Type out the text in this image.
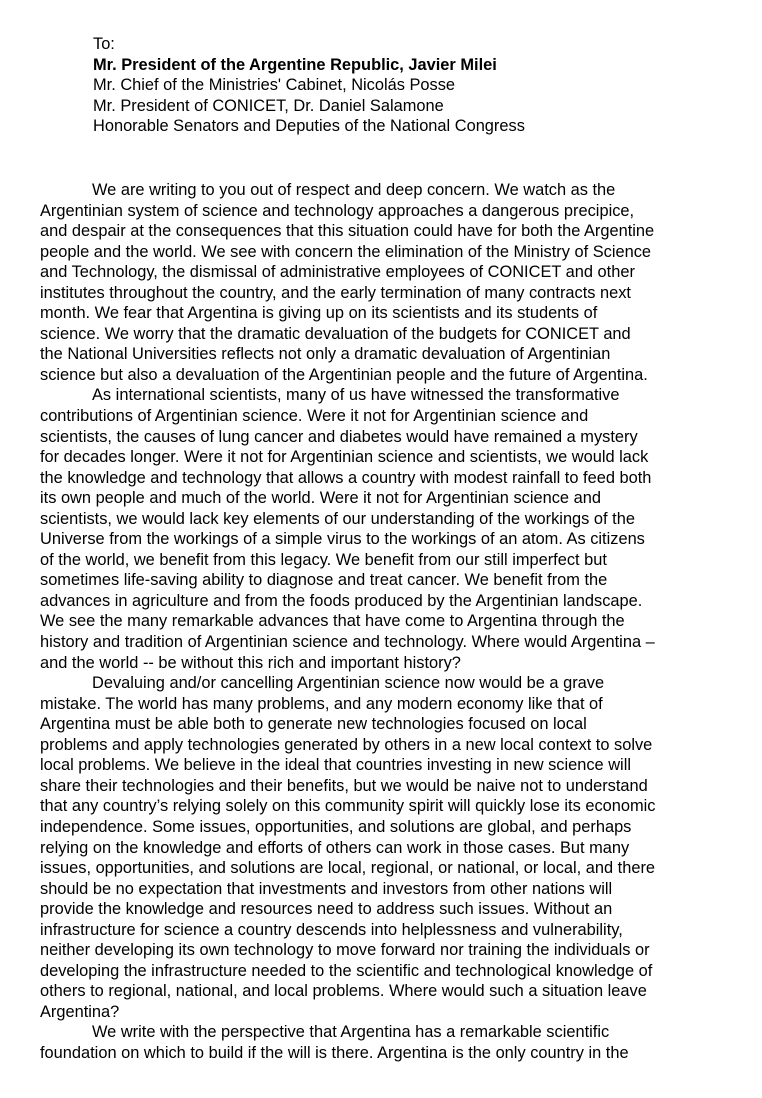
To:
Mr. President of the Argentine Republic, Javier Milei
Mr. Chief of the Ministries' Cabinet, Nicolás Posse
Mr. President of CONICET, Dr. Daniel Salamone
Honorable Senators and Deputies of the National Congress
We are writing to you out of respect and deep concern. We watch as the
Argentinian system of science and technology approaches a dangerous precipice,
and despair at the consequences that this situation could have for both the Argentine
people and the world. We see with concern the elimination of the Ministry of Science
and Technology, the dismissal of administrative employees of CONICET and other
institutes throughout the country, and the early termination of many contracts next
month. We fear that Argentina is giving up on its scientists and its students of
science. We worry that the dramatic devaluation of the budgets for CONICET and
the National Universities reflects not only a dramatic devaluation of Argentinian
science but also a devaluation of the Argentinian people and the future of Argentina.
As international scientists, many of us have witnessed the transformative
contributions of Argentinian science. Were it not for Argentinian science and
scientists, the causes of lung cancer and diabetes would have remained a mystery
for decades longer. Were it not for Argentinian science and scientists, we would lack
the knowledge and technology that allows a country with modest rainfall to feed both
its own people and much of the world. Were it not for Argentinian science and
scientists, we would lack key elements of our understanding of the workings of the
Universe from the workings of a simple virus to the workings of an atom. As citizens
of the world, we benefit from this legacy. We benefit from our still imperfect but
sometimes life-saving ability to diagnose and treat cancer. We benefit from the
advances in agriculture and from the foods produced by the Argentinian landscape.
We see the many remarkable advances that have come to Argentina through the
history and tradition of Argentinian science and technology. Where would Argentina –
and the world -- be without this rich and important history?
Devaluing and/or cancelling Argentinian science now would be a grave
mistake. The world has many problems, and any modern economy like that of
Argentina must be able both to generate new technologies focused on local
problems and apply technologies generated by others in a new local context to solve
local problems. We believe in the ideal that countries investing in new science will
share their technologies and their benefits, but we would be naive not to understand
that any country’s relying solely on this community spirit will quickly lose its economic
independence. Some issues, opportunities, and solutions are global, and perhaps
relying on the knowledge and efforts of others can work in those cases. But many
issues, opportunities, and solutions are local, regional, or national, or local, and there
should be no expectation that investments and investors from other nations will
provide the knowledge and resources need to address such issues. Without an
infrastructure for science a country descends into helplessness and vulnerability,
neither developing its own technology to move forward nor training the individuals or
developing the infrastructure needed to the scientific and technological knowledge of
others to regional, national, and local problems. Where would such a situation leave
Argentina?
We write with the perspective that Argentina has a remarkable scientific
foundation on which to build if the will is there. Argentina is the only country in the
